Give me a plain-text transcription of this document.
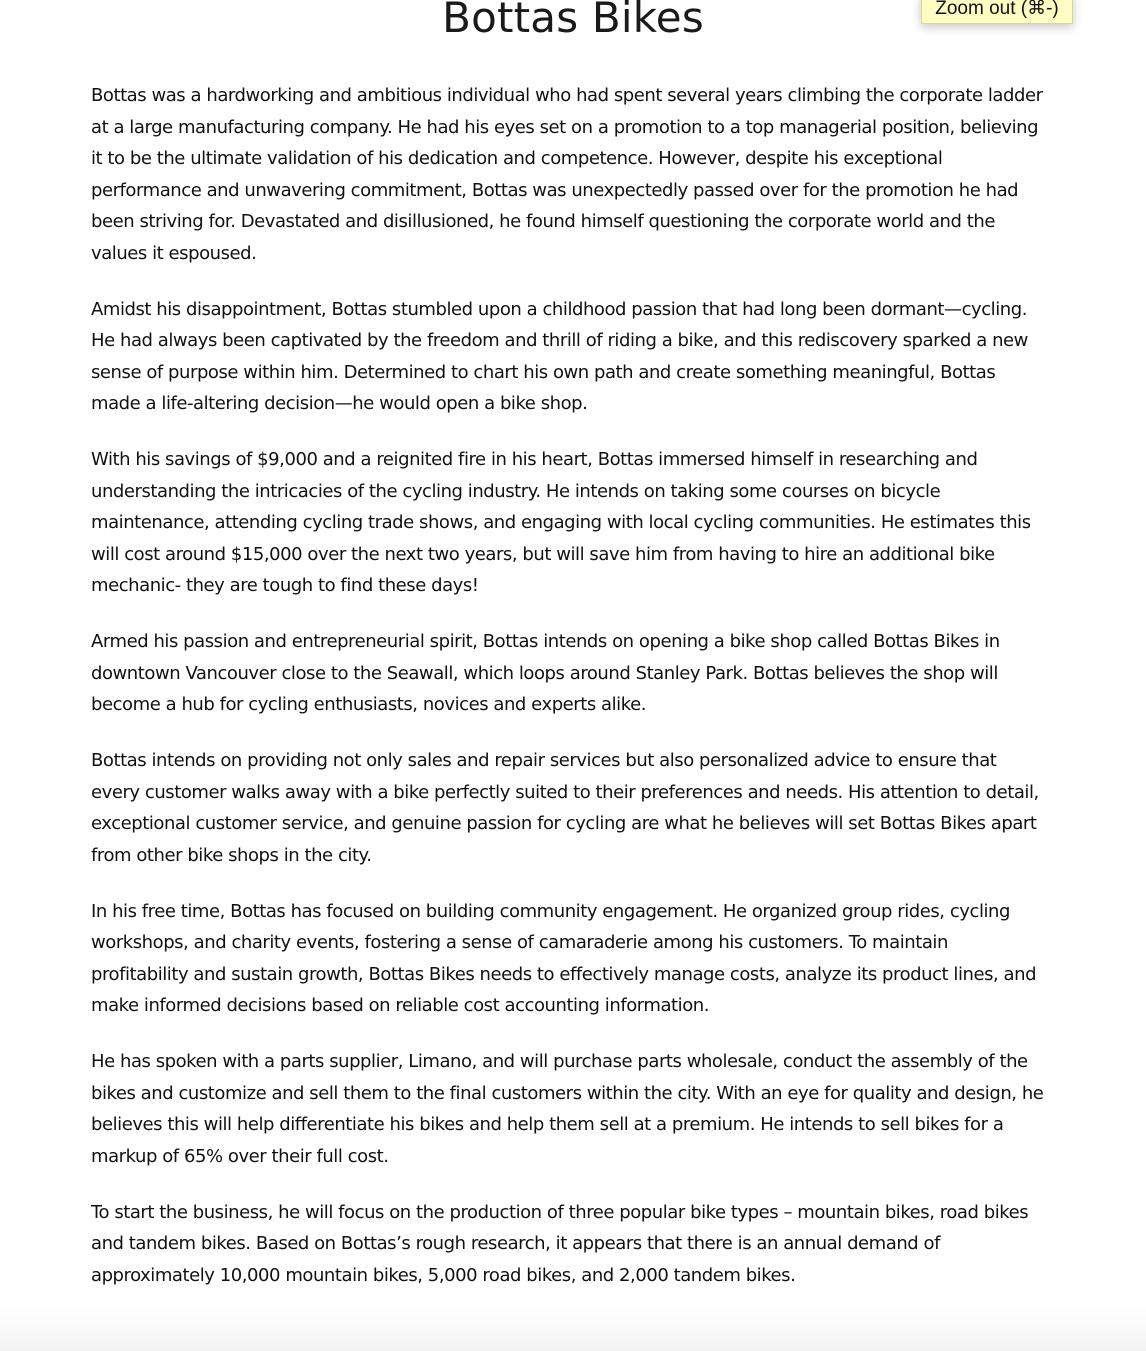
Bottas Bikes

Bottas was a hardworking and ambitious individual who had spent several years climbing the corporate ladder at a large manufacturing company. He had his eyes set on a promotion to a top managerial position, believing it to be the ultimate validation of his dedication and competence. However, despite his exceptional performance and unwavering commitment, Bottas was unexpectedly passed over for the promotion he had been striving for. Devastated and disillusioned, he found himself questioning the corporate world and the values it espoused.

Amidst his disappointment, Bottas stumbled upon a childhood passion that had long been dormant—cycling. He had always been captivated by the freedom and thrill of riding a bike, and this rediscovery sparked a new sense of purpose within him. Determined to chart his own path and create something meaningful, Bottas made a life-altering decision—he would open a bike shop.

With his savings of $9,000 and a reignited fire in his heart, Bottas immersed himself in researching and understanding the intricacies of the cycling industry. He intends on taking some courses on bicycle maintenance, attending cycling trade shows, and engaging with local cycling communities. He estimates this will cost around $15,000 over the next two years, but will save him from having to hire an additional bike mechanic- they are tough to find these days!

Armed his passion and entrepreneurial spirit, Bottas intends on opening a bike shop called Bottas Bikes in downtown Vancouver close to the Seawall, which loops around Stanley Park. Bottas believes the shop will become a hub for cycling enthusiasts, novices and experts alike.

Bottas intends on providing not only sales and repair services but also personalized advice to ensure that every customer walks away with a bike perfectly suited to their preferences and needs. His attention to detail, exceptional customer service, and genuine passion for cycling are what he believes will set Bottas Bikes apart from other bike shops in the city.

In his free time, Bottas has focused on building community engagement. He organized group rides, cycling workshops, and charity events, fostering a sense of camaraderie among his customers. To maintain profitability and sustain growth, Bottas Bikes needs to effectively manage costs, analyze its product lines, and make informed decisions based on reliable cost accounting information.

He has spoken with a parts supplier, Limano, and will purchase parts wholesale, conduct the assembly of the bikes and customize and sell them to the final customers within the city. With an eye for quality and design, he believes this will help differentiate his bikes and help them sell at a premium. He intends to sell bikes for a markup of 65% over their full cost.

To start the business, he will focus on the production of three popular bike types – mountain bikes, road bikes and tandem bikes. Based on Bottas’s rough research, it appears that there is an annual demand of approximately 10,000 mountain bikes, 5,000 road bikes, and 2,000 tandem bikes.

Zoom out (⌘-)
